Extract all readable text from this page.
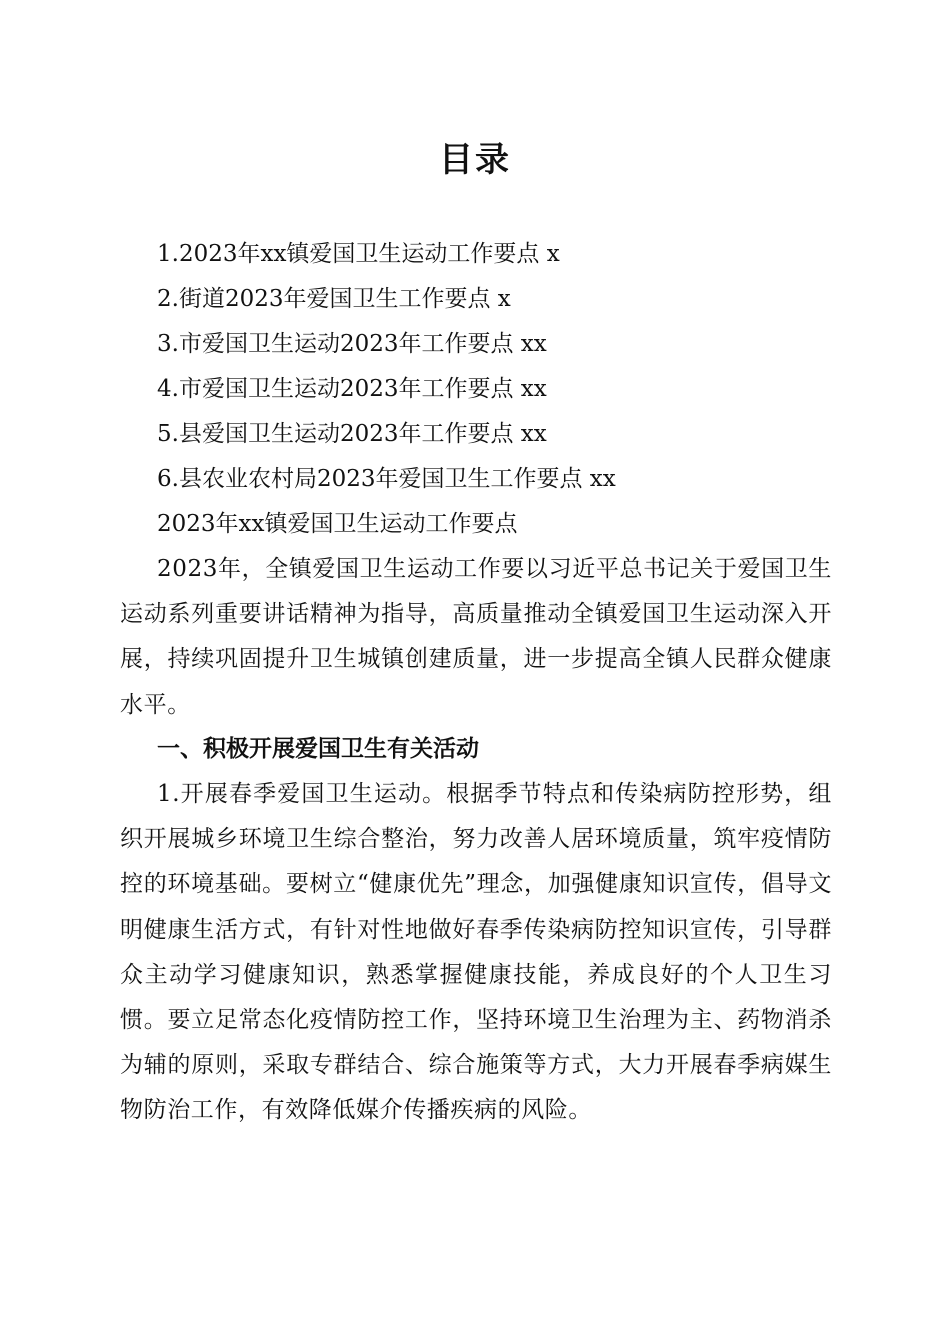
目录
1.2023年xx镇爱国卫生运动工作要点 x
2.街道2023年爱国卫生工作要点 x
3.市爱国卫生运动2023年工作要点 xx
4.市爱国卫生运动2023年工作要点 xx
5.县爱国卫生运动2023年工作要点 xx
6.县农业农村局2023年爱国卫生工作要点 xx
2023年xx镇爱国卫生运动工作要点

2023年，全镇爱国卫生运动工作要以习近平总书记关于爱国卫生运动系列重要讲话精神为指导，高质量推动全镇爱国卫生运动深入开展，持续巩固提升卫生城镇创建质量，进一步提高全镇人民群众健康水平。

一、积极开展爱国卫生有关活动

1.开展春季爱国卫生运动。根据季节特点和传染病防控形势，组织开展城乡环境卫生综合整治，努力改善人居环境质量，筑牢疫情防控的环境基础。要树立“健康优先”理念，加强健康知识宣传，倡导文明健康生活方式，有针对性地做好春季传染病防控知识宣传，引导群众主动学习健康知识，熟悉掌握健康技能，养成良好的个人卫生习惯。要立足常态化疫情防控工作，坚持环境卫生治理为主、药物消杀为辅的原则，采取专群结合、综合施策等方式，大力开展春季病媒生物防治工作，有效降低媒介传播疾病的风险。
